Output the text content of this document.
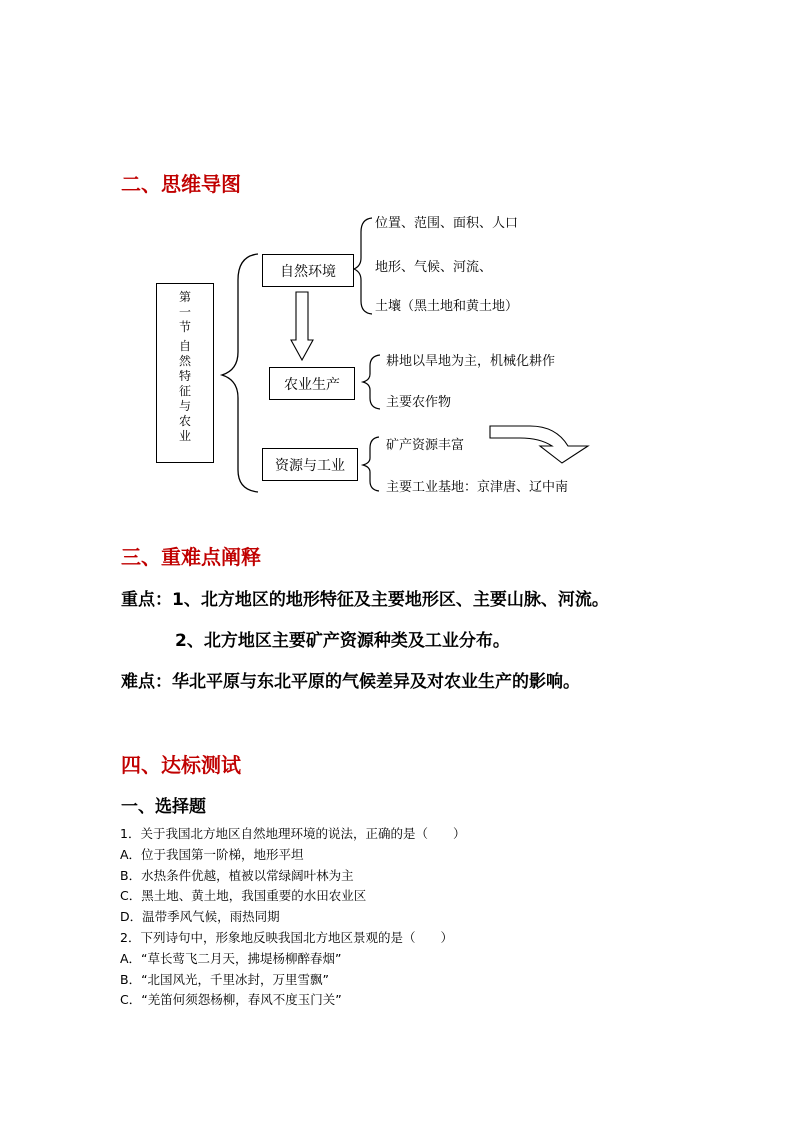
二、思维导图
第
一
节
自
然
特
征
与
农
业
自然环境
农业生产
资源与工业
位置、范围、面积、人口
地形、气候、河流、
土壤（黑土地和黄土地）
耕地以旱地为主，机械化耕作
主要农作物
矿产资源丰富
主要工业基地：京津唐、辽中南
三、重难点阐释
重点：1、北方地区的地形特征及主要地形区、主要山脉、河流。
2、北方地区主要矿产资源种类及工业分布。
难点：华北平原与东北平原的气候差异及对农业生产的影响。
四、达标测试
一、选择题
1．关于我国北方地区自然地理环境的说法，正确的是（　　）
A．位于我国第一阶梯，地形平坦
B．水热条件优越，植被以常绿阔叶林为主
C．黑土地、黄土地，我国重要的水田农业区
D．温带季风气候，雨热同期
2．下列诗句中，形象地反映我国北方地区景观的是（　　）
A．“草长莺飞二月天，拂堤杨柳醉春烟”
B．“北国风光，千里冰封，万里雪飘”
C．“羌笛何须怨杨柳，春风不度玉门关”
